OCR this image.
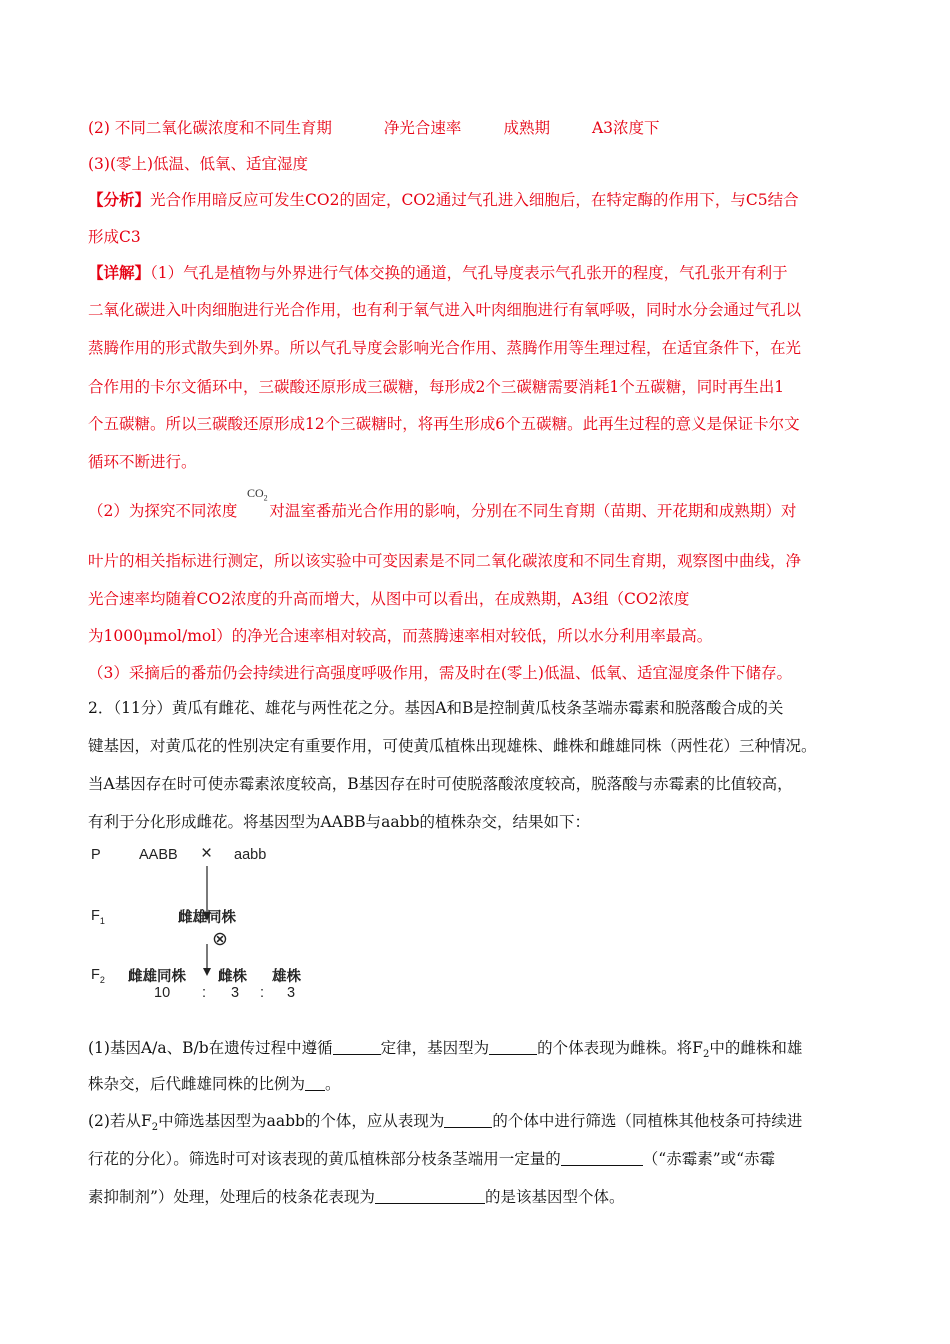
(2) 不同二氧化碳浓度和不同生育期	净光合速率	成熟期	A3浓度下
(3)(零上)低温、低氧、适宜湿度
【分析】光合作用暗反应可发生CO2的固定，CO2通过气孔进入细胞后，在特定酶的作用下，与C5结合
形成C3
【详解】（1）气孔是植物与外界进行气体交换的通道，气孔导度表示气孔张开的程度，气孔张开有利于
二氧化碳进入叶肉细胞进行光合作用，也有利于氧气进入叶肉细胞进行有氧呼吸，同时水分会通过气孔以
蒸腾作用的形式散失到外界。所以气孔导度会影响光合作用、蒸腾作用等生理过程，在适宜条件下，在光
合作用的卡尔文循环中，三碳酸还原形成三碳糖，每形成2个三碳糖需要消耗1个五碳糖，同时再生出1
个五碳糖。所以三碳酸还原形成12个三碳糖时，将再生形成6个五碳糖。此再生过程的意义是保证卡尔文
循环不断进行。
$CO_2$
（2）为探究不同浓度 对温室番茄光合作用的影响，分别在不同生育期（苗期、开花期和成熟期）对
叶片的相关指标进行测定，所以该实验中可变因素是不同二氧化碳浓度和不同生育期，观察图中曲线，净
光合速率均随着CO2浓度的升高而增大，从图中可以看出，在成熟期，A3组（CO2浓度
为1000μmol/mol）的净光合速率相对较高，而蒸腾速率相对较低，所以水分利用率最高。
（3）采摘后的番茄仍会持续进行高强度呼吸作用，需及时在(零上)低温、低氧、适宜湿度条件下储存。
2．（11分）黄瓜有雌花、雄花与两性花之分。基因A和B是控制黄瓜枝条茎端赤霉素和脱落酸合成的关
键基因，对黄瓜花的性别决定有重要作用，可使黄瓜植株出现雄株、雌株和雌雄同株（两性花）三种情况。
当A基因存在时可使赤霉素浓度较高，B基因存在时可使脱落酸浓度较高，脱落酸与赤霉素的比值较高，
有利于分化形成雌花。将基因型为AABB与aabb的植株杂交，结果如下：
P	AABB × aabb
$F_1$	雌雄同株
⊗
$F_2$ 雌雄同株 雌株 雄株
10 : 3 : 3
(1)基因A/a、B/b在遗传过程中遵循	定律，基因型为	的个体表现为雌株。将$F_2$中的雌株和雄
株杂交，后代雌雄同株的比例为 。
(2)若从$F_2$中筛选基因型为aabb的个体，应从表现为	的个体中进行筛选（同植株其他枝条可持续进
行花的分化）。筛选时可对该表现的黄瓜植株部分枝条茎端用一定量的	（“赤霉素”或“赤霉
素抑制剂”）处理，处理后的枝条花表现为	的是该基因型个体。
